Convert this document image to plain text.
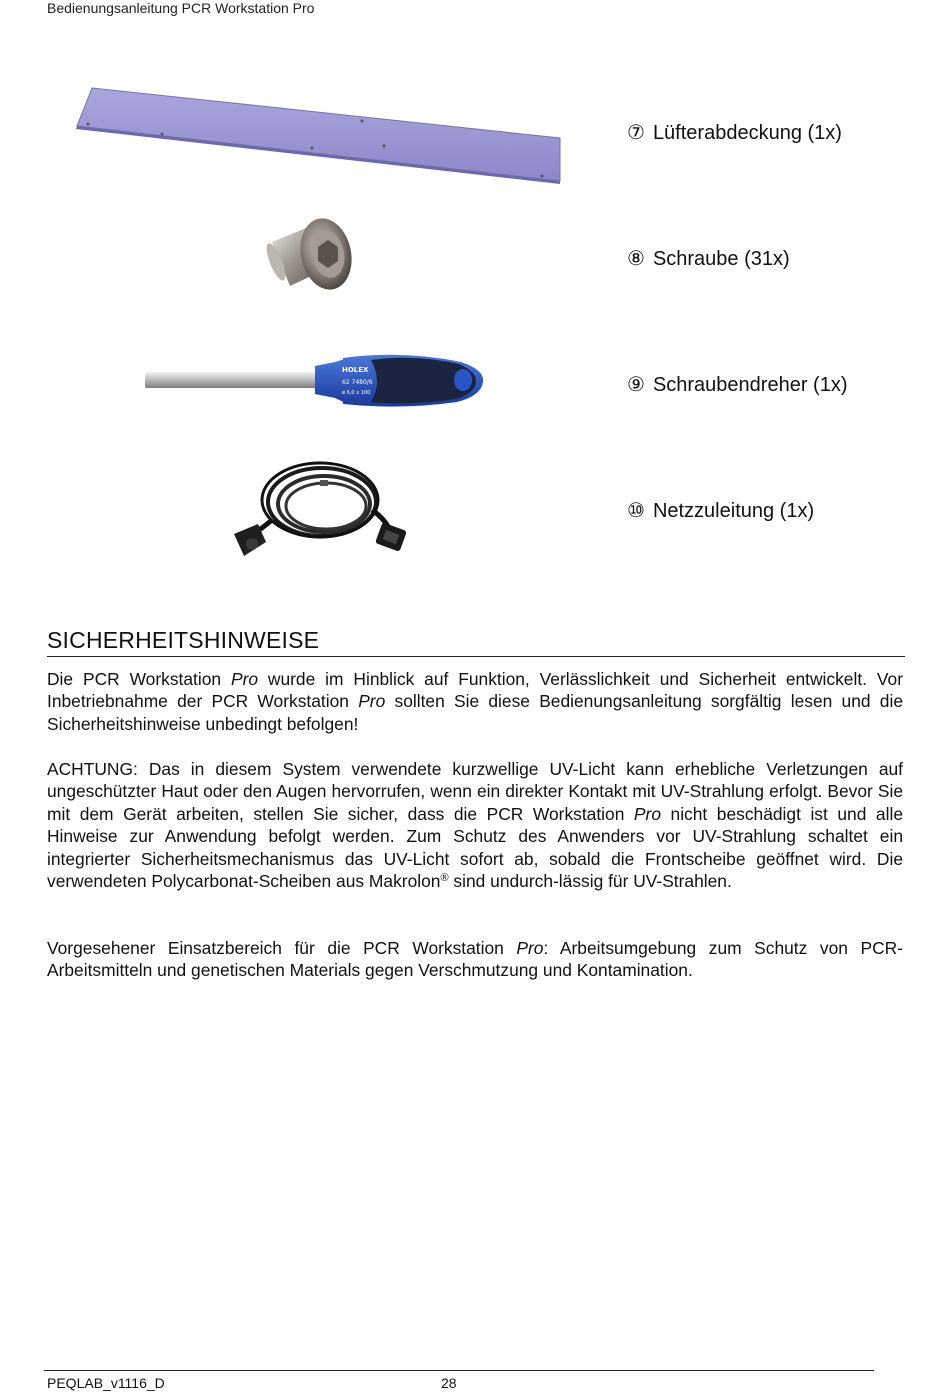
Bedienungsanleitung PCR Workstation Pro
⑦ Lüfterabdeckung (1x)
⑧ Schraube (31x)
HOLEX
62 7480/6
ø 6,0 x 100	⑨ Schraubendreher (1x)
⑩ Netzzuleitung (1x)
SICHERHEITSHINWEISE

Die PCR Workstation Pro wurde im Hinblick auf Funktion, Verlässlichkeit und Sicherheit entwickelt. Vor Inbetriebnahme der PCR Workstation Pro sollten Sie diese Bedienungsanleitung sorgfältig lesen und die Sicherheitshinweise unbedingt befolgen!

ACHTUNG: Das in diesem System verwendete kurzwellige UV-Licht kann erhebliche Verletzungen auf ungeschützter Haut oder den Augen hervorrufen, wenn ein direkter Kontakt mit UV-Strahlung erfolgt. Bevor Sie mit dem Gerät arbeiten, stellen Sie sicher, dass die PCR Workstation Pro nicht beschädigt ist und alle Hinweise zur Anwendung befolgt werden. Zum Schutz des Anwenders vor UV-Strahlung schaltet ein integrierter Sicherheitsmechanismus das UV-Licht sofort ab, sobald die Frontscheibe geöffnet wird. Die verwendeten Polycarbonat-Scheiben aus Makrolon® sind undurch-lässig für UV-Strahlen.

Vorgesehener Einsatzbereich für die PCR Workstation Pro: Arbeitsumgebung zum Schutz von PCR-Arbeitsmitteln und genetischen Materials gegen Verschmutzung und Kontamination.

PEQLAB_v1116_D	28
